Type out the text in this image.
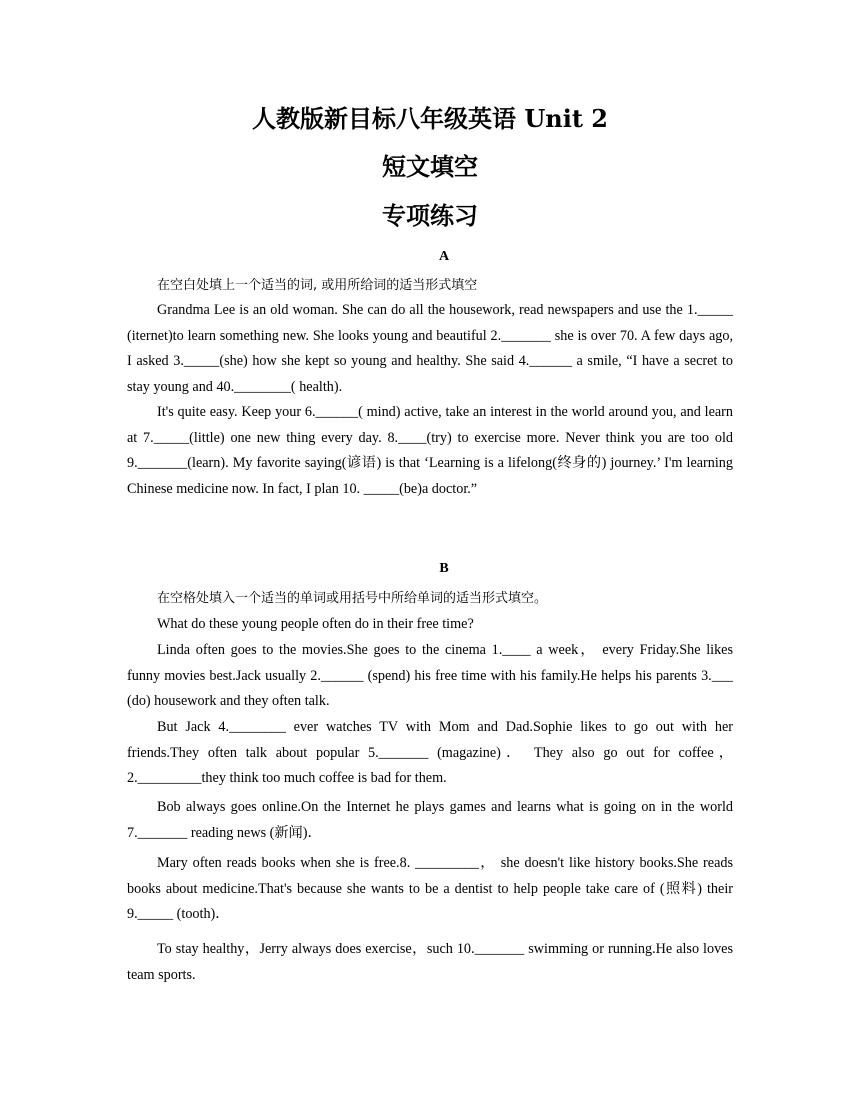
人教版新目标八年级英语 Unit 2
短文填空
专项练习
A
在空白处填上一个适当的词, 或用所给词的适当形式填空

Grandma Lee is an old woman. She can do all the housework, read newspapers and use the 1._____ (iternet)to learn something new. She looks young and beautiful 2._______ she is over 70. A few days ago, I asked 3._____(she) how she kept so young and healthy. She said 4.______ a smile, “I have a secret to stay young and 40.________( health).

It's quite easy. Keep your 6.______( mind) active, take an interest in the world around you, and learn at 7._____(little) one new thing every day. 8.____(try) to exercise more. Never think you are too old 9._______(learn). My favorite saying(谚语) is that ‘Learning is a lifelong(终身的) journey.’ I'm learning Chinese medicine now. In fact, I plan 10. _____(be)a doctor.”

B
在空格处填入一个适当的单词或用括号中所给单词的适当形式填空。

What do these young people often do in their free time?

Linda often goes to the movies.She goes to the cinema 1.____ a week， every Friday.She likes funny movies best.Jack usually 2.______ (spend) his free time with his family.He helps his parents 3.___ (do) housework and they often talk.

But Jack 4.________ ever watches TV with Mom and Dad.Sophie likes to go out with her friends.They often talk about popular 5._______ (magazine)． They also go out for coffee，2._________they think too much coffee is bad for them.

Bob always goes online.On the Internet he plays games and learns what is going on in the world 7._______ reading news (新闻)．

Mary often reads books when she is free.8. _________， she doesn't like history books.She reads books about medicine.That's because she wants to be a dentist to help people take care of (照料) their 9._____ (tooth)．

To stay healthy，Jerry always does exercise，such 10._______ swimming or running.He also loves team sports.
